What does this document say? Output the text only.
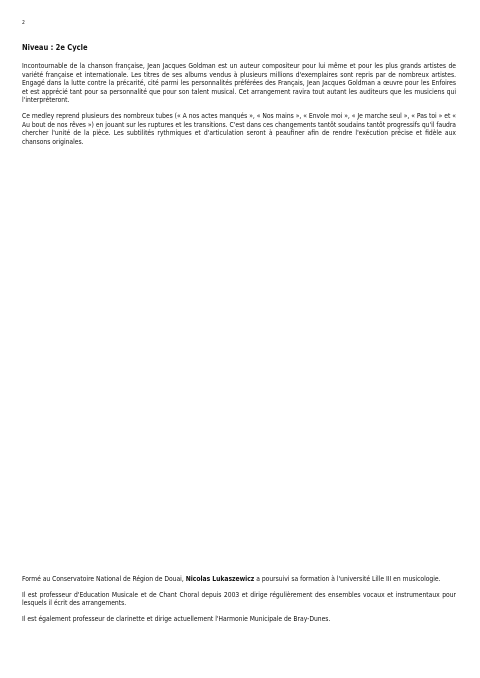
2
Niveau : 2e Cycle

Incontournable de la chanson française, Jean Jacques Goldman est un auteur compositeur pour lui même et pour les plus grands artistes de variété française et internationale. Les titres de ses albums vendus à plusieurs millions d'exemplaires sont repris par de nombreux artistes. Engagé dans la lutte contre la précarité, cité parmi les personnalités préférées des Français, Jean Jacques Goldman a œuvre pour les Enfoires et est apprécié tant pour sa personnalité que pour son talent musical. Cet arrangement ravira tout autant les auditeurs que les musiciens qui l'interpréteront.

Ce medley reprend plusieurs des nombreux tubes (« A nos actes manqués », « Nos mains », « Envole moi », « Je marche seul », « Pas toi » et « Au bout de nos rêves ») en jouant sur les ruptures et les transitions. C'est dans ces changements tantôt soudains tantôt progressifs qu'il faudra chercher l'unité de la pièce. Les subtilités rythmiques et d'articulation seront à peaufiner afin de rendre l'exécution précise et fidèle aux chansons originales.

Formé au Conservatoire National de Région de Douai, Nicolas Lukaszewicz a poursuivi sa formation à l'université Lille III en musicologie.

Il est professeur d'Education Musicale et de Chant Choral depuis 2003 et dirige régulièrement des ensembles vocaux et instrumentaux pour lesquels il écrit des arrangements.

Il est également professeur de clarinette et dirige actuellement l'Harmonie Municipale de Bray-Dunes.
